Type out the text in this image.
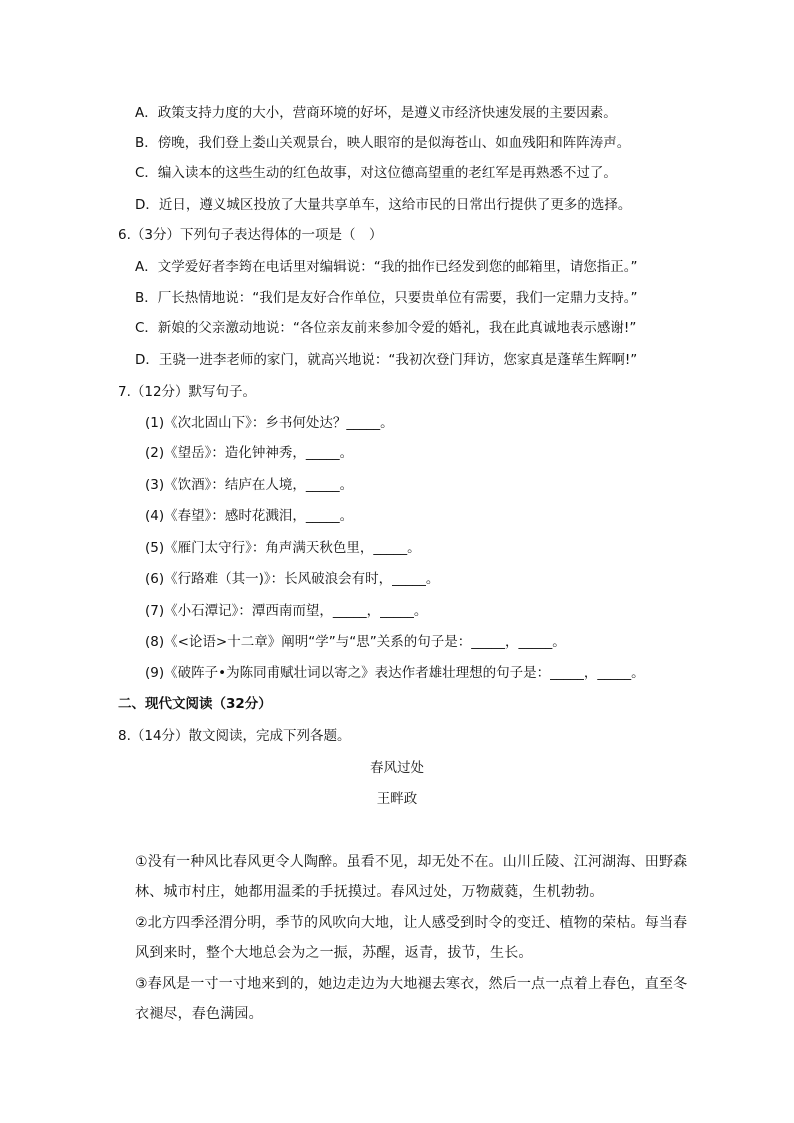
A．政策支持力度的大小，营商环境的好坏，是遵义市经济快速发展的主要因素。
B．傍晚，我们登上娄山关观景台，映人眼帘的是似海苍山、如血残阳和阵阵涛声。
C．编入读本的这些生动的红色故事，对这位德高望重的老红军是再熟悉不过了。
D．近日，遵义城区投放了大量共享单车，这给市民的日常出行提供了更多的选择。
6.（3分）下列句子表达得体的一项是（　）
A．文学爱好者李筠在电话里对编辑说：“我的拙作已经发到您的邮箱里，请您指正。”
B．厂长热情地说：“我们是友好合作单位，只要贵单位有需要，我们一定鼎力支持。”
C．新娘的父亲激动地说：“各位亲友前来参加令爱的婚礼，我在此真诚地表示感谢!”
D．王骁一进李老师的家门，就高兴地说：“我初次登门拜访，您家真是蓬荜生辉啊!”
7.（12分）默写句子。
(1)《次北固山下》：乡书何处达？_____。
(2)《望岳》：造化钟神秀，_____。
(3)《饮酒》：结庐在人境，_____。
(4)《春望》：感时花溅泪，_____。
(5)《雁门太守行》：角声满天秋色里，_____。
(6)《行路难（其一)》：长风破浪会有时，_____。
(7)《小石潭记》：潭西南而望，_____，_____。
(8)《<论语>十二章》阐明“学”与“思”关系的句子是：_____，_____。
(9)《破阵子•为陈同甫赋壮词以寄之》表达作者雄壮理想的句子是：_____，_____。
二、现代文阅读（32分）
8.（14分）散文阅读，完成下列各题。
春风过处
王畔政
①没有一种风比春风更令人陶醉。虽看不见，却无处不在。山川丘陵、江河湖海、田野森林、城市村庄，她都用温柔的手抚摸过。春风过处，万物葳蕤，生机勃勃。
②北方四季泾渭分明，季节的风吹向大地，让人感受到时令的变迁、植物的荣枯。每当春风到来时，整个大地总会为之一振，苏醒，返青，拔节，生长。
③春风是一寸一寸地来到的，她边走边为大地褪去寒衣，然后一点一点着上春色，直至冬衣褪尽，春色满园。
